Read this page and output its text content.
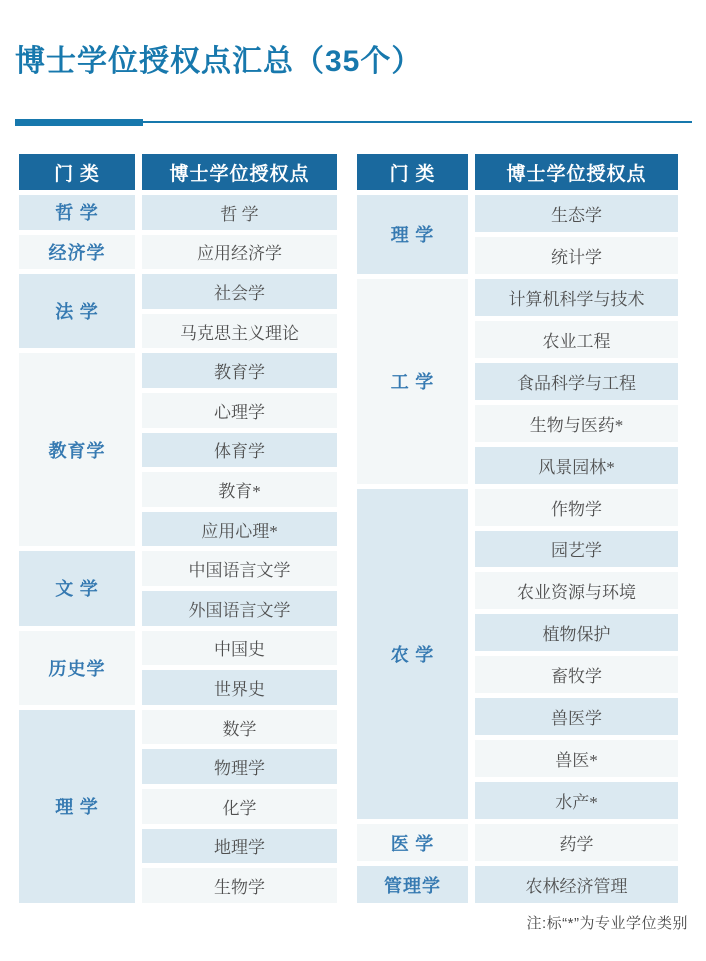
博士学位授权点汇总（35个）
门 类	博士学位授权点
哲 学
经济学
法 学
教育学
文 学
历史学
理 学
哲 学
应用经济学
社会学
马克思主义理论
教育学
心理学
体育学
教育*
应用心理*
中国语言文学
外国语言文学
中国史
世界史
数学
物理学
化学
地理学
生物学
门 类	博士学位授权点
理 学
工 学
农 学
医 学
管理学
生态学
统计学
计算机科学与技术
农业工程
食品科学与工程
生物与医药*
风景园林*
作物学
园艺学
农业资源与环境
植物保护
畜牧学
兽医学
兽医*
水产*
药学
农林经济管理
注:标“*”为专业学位类别
